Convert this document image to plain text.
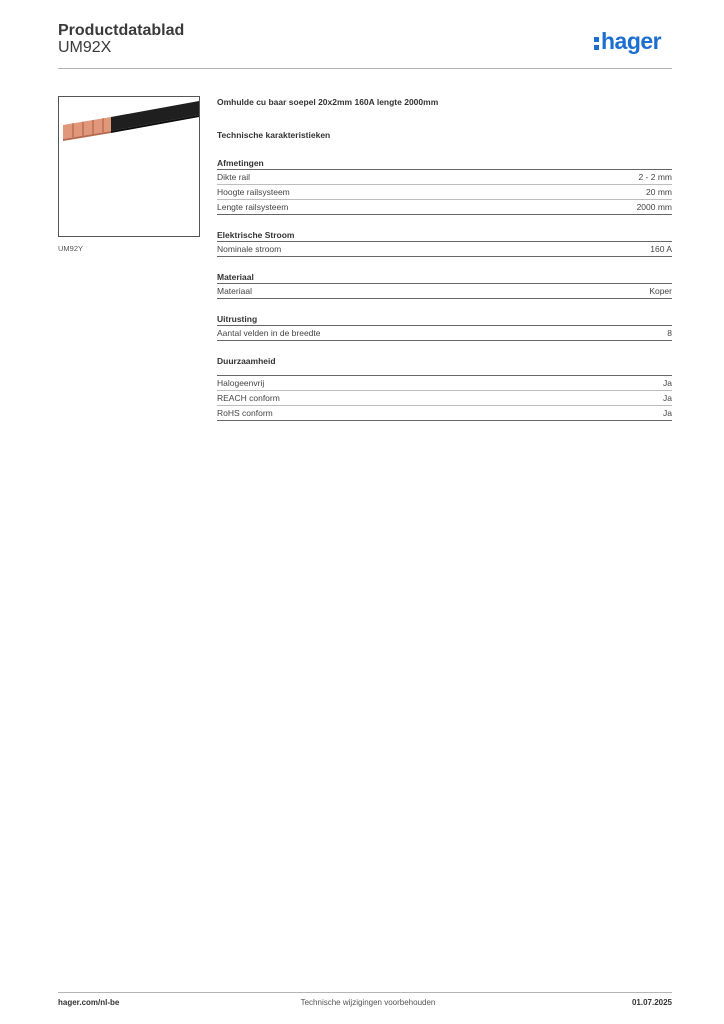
Productdatablad
UM92X	hager
UM92Y
Omhulde cu baar soepel 20x2mm 160A lengte 2000mm
Technische karakteristieken
Afmetingen
Dikte rail	2 - 2 mm
Hoogte railsysteem	20 mm
Lengte railsysteem	2000 mm
Elektrische Stroom
Nominale stroom	160 A
Materiaal
Materiaal	Koper
Uitrusting
Aantal velden in de breedte	8
Duurzaamheid
Halogeenvrij	Ja
REACH conform	Ja
RoHS conform	Ja
hager.com/nl-be	Technische wijzigingen voorbehouden	01.07.2025
